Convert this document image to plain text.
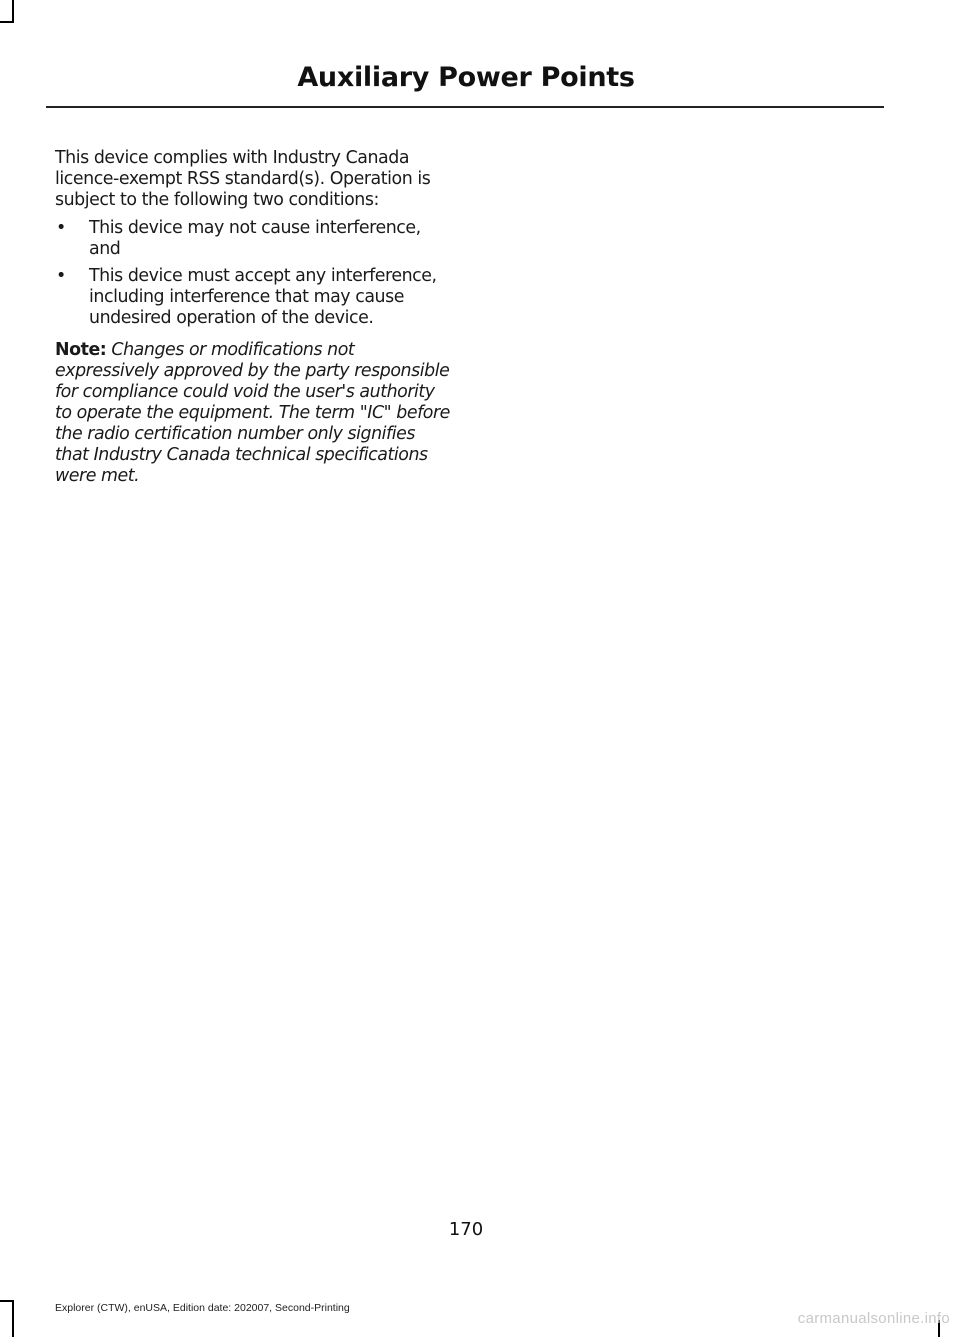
Auxiliary Power Points

This device complies with Industry Canada licence-exempt RSS standard(s). Operation is subject to the following two conditions:

• This device may not cause interference, and
• This device must accept any interference, including interference that may cause undesired operation of the device.

Note: Changes or modifications not expressively approved by the party responsible for compliance could void the user's authority to operate the equipment. The term "IC" before the radio certification number only signifies that Industry Canada technical specifications were met.

170
Explorer (CTW), enUSA, Edition date: 202007, Second-Printing
carmanualsonline.info
